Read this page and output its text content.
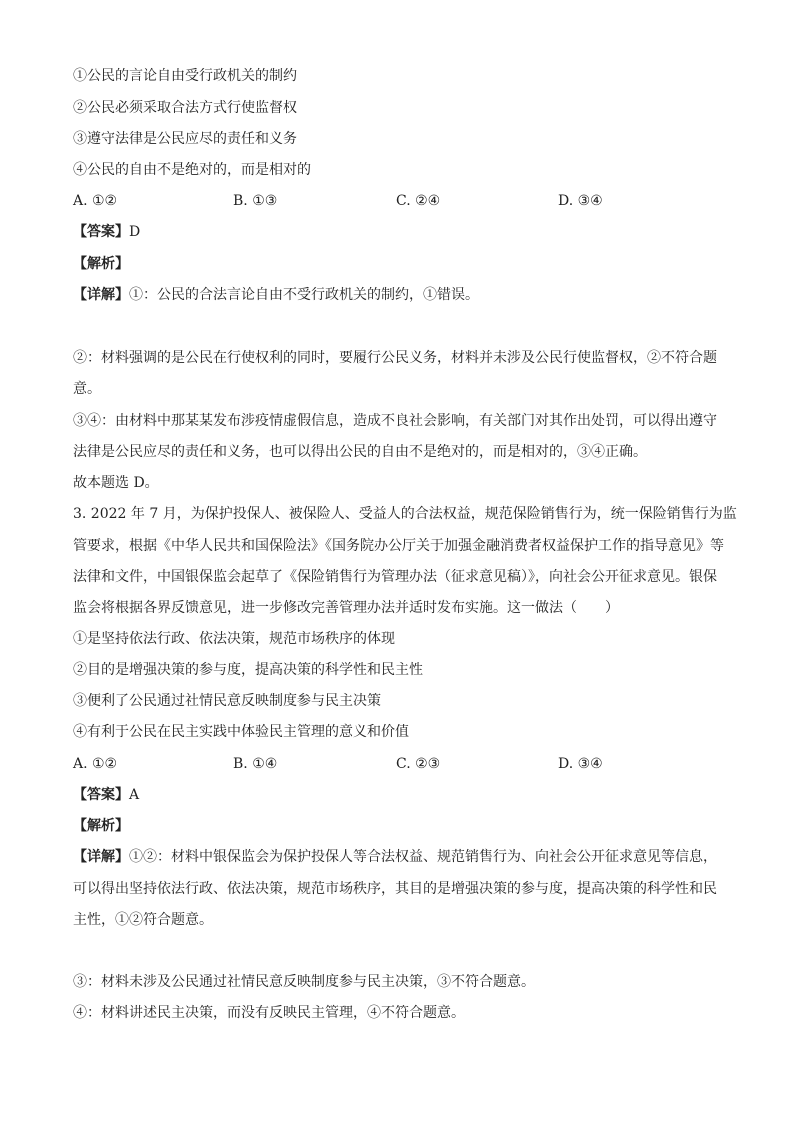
①公民的言论自由受行政机关的制约
②公民必须采取合法方式行使监督权
③遵守法律是公民应尽的责任和义务
④公民的自由不是绝对的，而是相对的
A. ①②	B. ①③	C. ②④	D. ③④
【答案】D
【解析】
【详解】①：公民的合法言论自由不受行政机关的制约，①错误。
②：材料强调的是公民在行使权利的同时，要履行公民义务，材料并未涉及公民行使监督权，②不符合题
意。
③④：由材料中那某某发布涉疫情虚假信息，造成不良社会影响，有关部门对其作出处罚，可以得出遵守
法律是公民应尽的责任和义务，也可以得出公民的自由不是绝对的，而是相对的，③④正确。
故本题选 D。
3. 2022 年 7 月，为保护投保人、被保险人、受益人的合法权益，规范保险销售行为，统一保险销售行为监
管要求，根据《中华人民共和国保险法》《国务院办公厅关于加强金融消费者权益保护工作的指导意见》等
法律和文件，中国银保监会起草了《保险销售行为管理办法（征求意见稿）》，向社会公开征求意见。银保
监会将根据各界反馈意见，进一步修改完善管理办法并适时发布实施。这一做法（　　）
①是坚持依法行政、依法决策，规范市场秩序的体现
②目的是增强决策的参与度，提高决策的科学性和民主性
③便利了公民通过社情民意反映制度参与民主决策
④有利于公民在民主实践中体验民主管理的意义和价值
A. ①②	B. ①④	C. ②③	D. ③④
【答案】A
【解析】
【详解】①②：材料中银保监会为保护投保人等合法权益、规范销售行为、向社会公开征求意见等信息，
可以得出坚持依法行政、依法决策，规范市场秩序，其目的是增强决策的参与度，提高决策的科学性和民
主性，①②符合题意。
③：材料未涉及公民通过社情民意反映制度参与民主决策，③不符合题意。
④：材料讲述民主决策，而没有反映民主管理，④不符合题意。
